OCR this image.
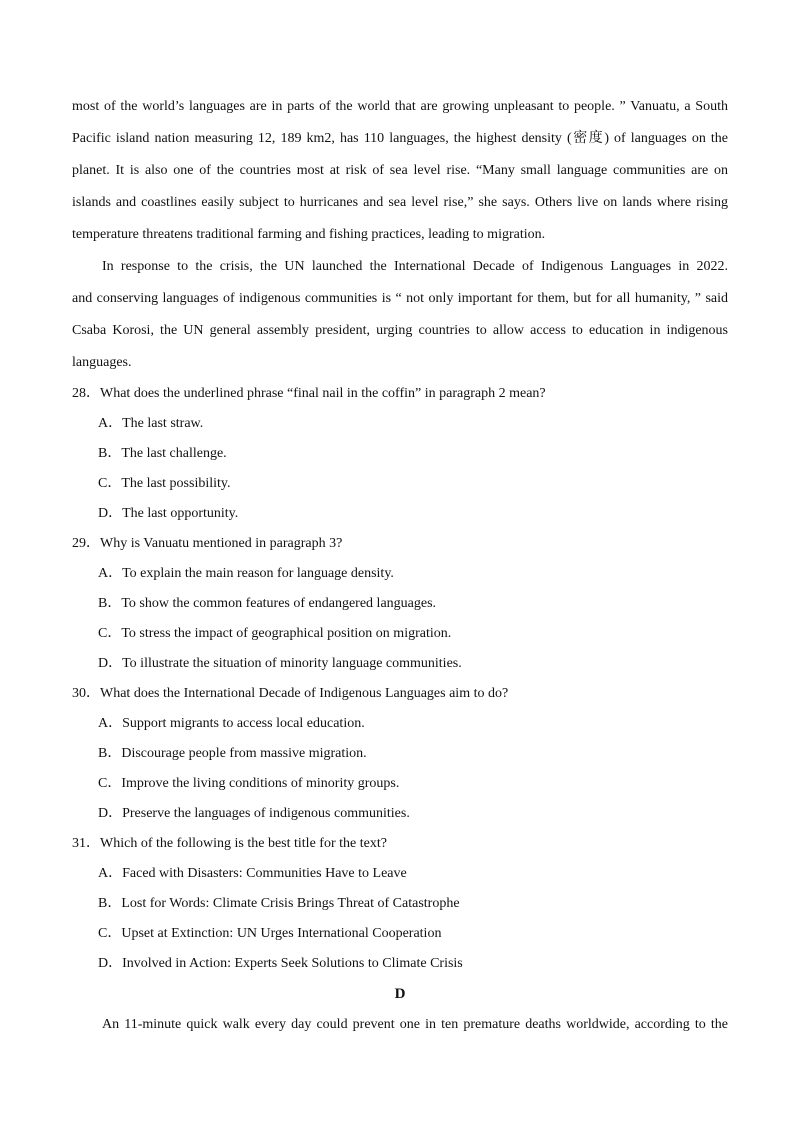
most of the world’s languages are in parts of the world that are growing unpleasant to people. ” Vanuatu, a South
Pacific island nation measuring 12, 189 km2, has 110 languages, the highest density (密度) of languages on the
planet. It is also one of the countries most at risk of sea level rise. “Many small language communities are on
islands and coastlines easily subject to hurricanes and sea level rise,” she says. Others live on lands where rising
temperature threatens traditional farming and fishing practices, leading to migration.
In response to the crisis, the UN launched the International Decade of Indigenous Languages in 2022.
and conserving languages of indigenous communities is “ not only important for them, but for all humanity, ” said
Csaba Korosi, the UN general assembly president, urging countries to allow access to education in indigenous
languages.
28．What does the underlined phrase “final nail in the coffin” in paragraph 2 mean?
A．The last straw.
B．The last challenge.
C．The last possibility.
D．The last opportunity.
29．Why is Vanuatu mentioned in paragraph 3?
A．To explain the main reason for language density.
B．To show the common features of endangered languages.
C．To stress the impact of geographical position on migration.
D．To illustrate the situation of minority language communities.
30．What does the International Decade of Indigenous Languages aim to do?
A．Support migrants to access local education.
B．Discourage people from massive migration.
C．Improve the living conditions of minority groups.
D．Preserve the languages of indigenous communities.
31．Which of the following is the best title for the text?
A．Faced with Disasters: Communities Have to Leave
B．Lost for Words: Climate Crisis Brings Threat of Catastrophe
C．Upset at Extinction: UN Urges International Cooperation
D．Involved in Action: Experts Seek Solutions to Climate Crisis
D
An 11-minute quick walk every day could prevent one in ten premature deaths worldwide, according to the
